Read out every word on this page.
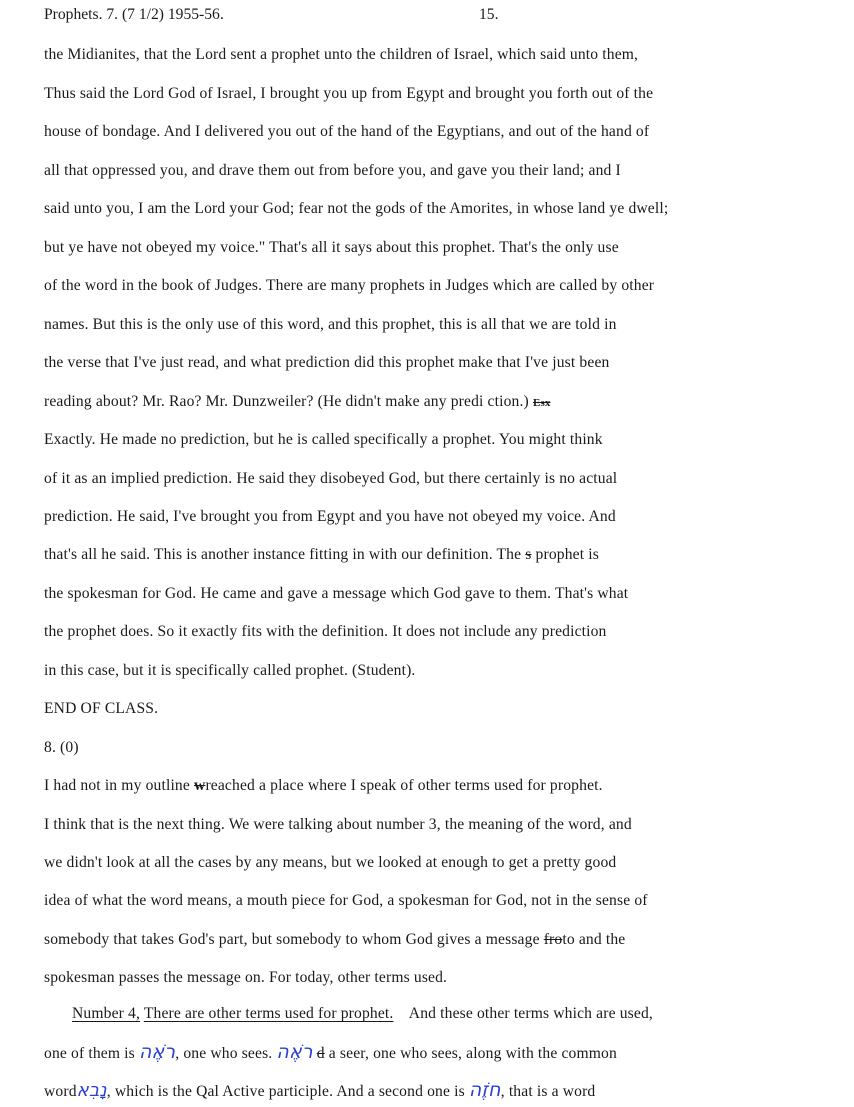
Prophets. 7. (7 1/2) 1955-56.	15.
the Midianites, that the Lord sent a prophet unto the children of Israel, which said unto them,
Thus said the Lord God of Israel, I brought you up from Egypt and brought you forth out of the
house of bondage. And I delivered you out of the hand of the Egyptians, and out of the hand of
all that oppressed you, and drave them out from before you, and gave you their land; and I
said unto you, I am the Lord your God; fear not the gods of the Amorites, in whose land ye dwell;
but ye have not obeyed my voice." That's all it says about this prophet. That's the only use
of the word in the book of Judges. There are many prophets in Judges which are called by other
names. But this is the only use of this word, and this prophet, this is all that we are told in
the verse that I've just read, and what prediction did this prophet make that I've just been
reading about? Mr. Rao? Mr. Dunzweiler? (He didn't make any predi ction.) Esx
Exactly. He made no prediction, but he is called specifically a prophet. You might think
of it as an implied prediction. He said they disobeyed God, but there certainly is no actual
prediction. He said, I've brought you from Egypt and you have not obeyed my voice. And
that's all he said. This is another instance fitting in with our definition. The s prophet is
the spokesman for God. He came and gave a message which God gave to them. That's what
the prophet does. So it exactly fits with the definition. It does not include any prediction
in this case, but it is specifically called prophet. (Student).
END OF CLASS.
8. (0)
I had not in my outline wreached a place where I speak of other terms used for prophet.
I think that is the next thing. We were talking about number 3, the meaning of the word, and
we didn't look at all the cases by any means, but we looked at enough to get a pretty good
idea of what the word means, a mouth piece for God, a spokesman for God, not in the sense of
somebody that takes God's part, but somebody to whom God gives a message froto and the
spokesman passes the message on. For today, other terms used.
Number 4, There are other terms used for prophet. And these other terms which are used,
one of them is רֹאֶה, one who sees. רֹאֶה d a seer, one who sees, along with the common
wordנָבִא, which is the Qal Active participle. And a second one is חֹזֶה, that is a word
